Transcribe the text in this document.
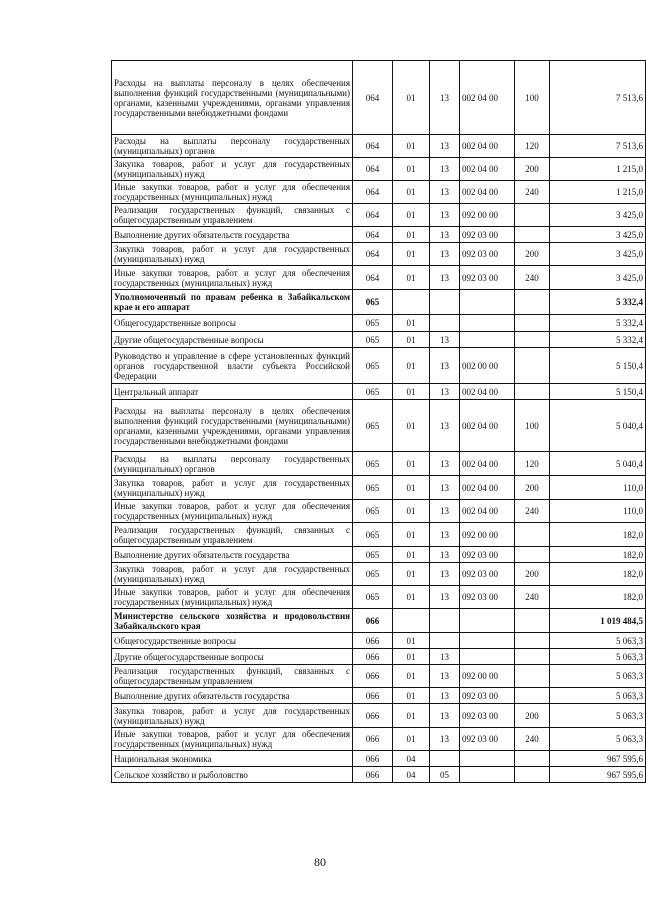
Расходы на выплаты персоналу в целях обеспечения выполнения функций государственными (муниципальными) органами, казенными учреждениями, органами управления государственными внебюджетными фондами	064	01	13	002 04 00	100	7 513,6
Расходы на выплаты персоналу государственных (муниципальных) органов	064	01	13	002 04 00	120	7 513,6
Закупка товаров, работ и услуг для государственных (муниципальных) нужд	064	01	13	002 04 00	200	1 215,0
Иные закупки товаров, работ и услуг для обеспечения государственных (муниципальных) нужд	064	01	13	002 04 00	240	1 215,0
Реализация государственных функций, связанных с общегосударственным управлением	064	01	13	092 00 00		3 425,0
Выполнение других обязательств государства	064	01	13	092 03 00		3 425,0
Закупка товаров, работ и услуг для государственных (муниципальных) нужд	064	01	13	092 03 00	200	3 425,0
Иные закупки товаров, работ и услуг для обеспечения государственных (муниципальных) нужд	064	01	13	092 03 00	240	3 425,0
Уполномоченный по правам ребенка в Забайкальском крае и его аппарат	065					5 332,4
Общегосударственные вопросы	065	01				5 332,4
Другие общегосударственные вопросы	065	01	13			5 332,4
Руководство и управление в сфере установленных функций органов государственной власти субъекта Российской Федерации	065	01	13	002 00 00		5 150,4
Центральный аппарат	065	01	13	002 04 00		5 150,4
Расходы на выплаты персоналу в целях обеспечения выполнения функций государственными (муниципальными) органами, казенными учреждениями, органами управления государственными внебюджетными фондами	065	01	13	002 04 00	100	5 040,4
Расходы на выплаты персоналу государственных (муниципальных) органов	065	01	13	002 04 00	120	5 040,4
Закупка товаров, работ и услуг для государственных (муниципальных) нужд	065	01	13	002 04 00	200	110,0
Иные закупки товаров, работ и услуг для обеспечения государственных (муниципальных) нужд	065	01	13	002 04 00	240	110,0
Реализация государственных функций, связанных с общегосударственным управлением	065	01	13	092 00 00		182,0
Выполнение других обязательств государства	065	01	13	092 03 00		182,0
Закупка товаров, работ и услуг для государственных (муниципальных) нужд	065	01	13	092 03 00	200	182,0
Иные закупки товаров, работ и услуг для обеспечения государственных (муниципальных) нужд	065	01	13	092 03 00	240	182,0
Министерство сельского хозяйства и продовольствия Забайкальского края	066					1 019 484,5
Общегосударственные вопросы	066	01				5 063,3
Другие общегосударственные вопросы	066	01	13			5 063,3
Реализация государственных функций, связанных с общегосударственным управлением	066	01	13	092 00 00		5 063,3
Выполнение других обязательств государства	066	01	13	092 03 00		5 063,3
Закупка товаров, работ и услуг для государственных (муниципальных) нужд	066	01	13	092 03 00	200	5 063,3
Иные закупки товаров, работ и услуг для обеспечения государственных (муниципальных) нужд	066	01	13	092 03 00	240	5 063,3
Национальная экономика	066	04				967 595,6
Сельское хозяйство и рыболовство	066	04	05			967 595,6
80
